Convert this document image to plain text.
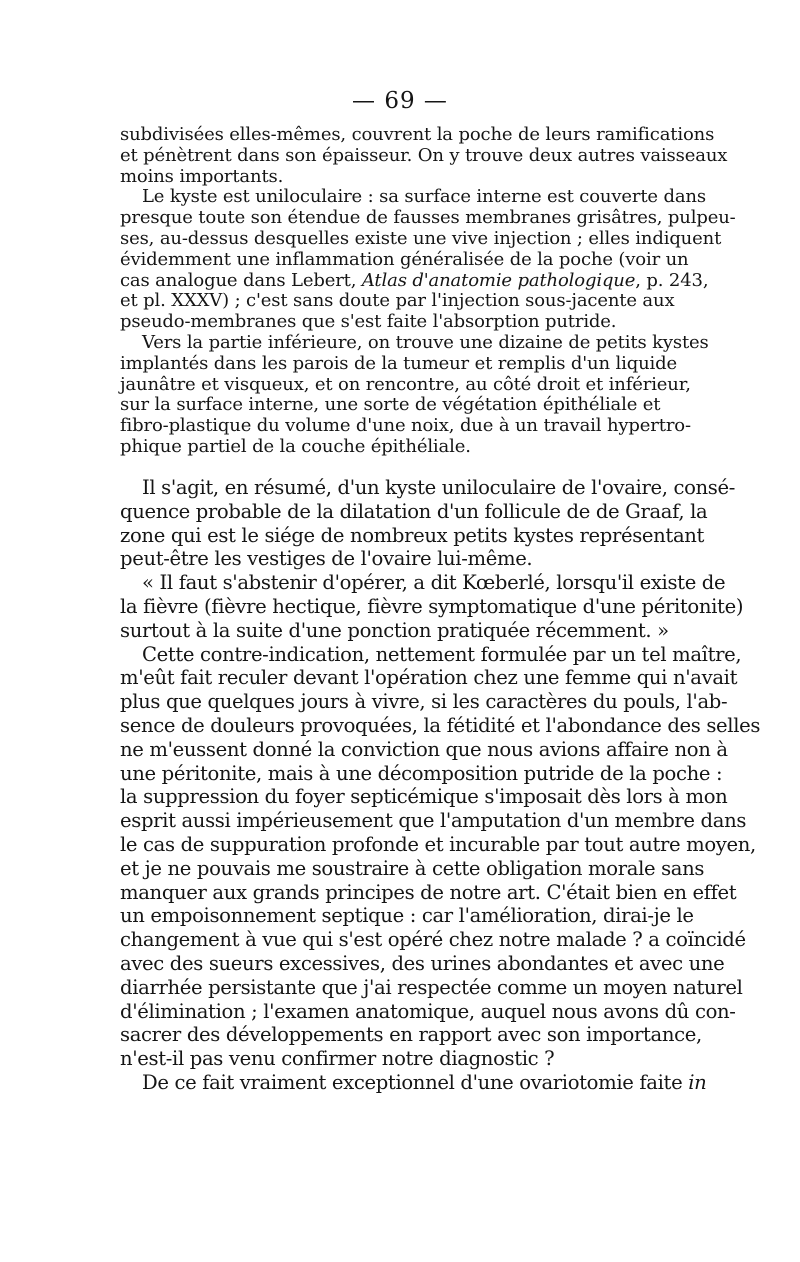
— 69 —
subdivisées elles-mêmes, couvrent la poche de leurs ramifications
et pénètrent dans son épaisseur. On y trouve deux autres vaisseaux
moins importants.
Le kyste est uniloculaire : sa surface interne est couverte dans
presque toute son étendue de fausses membranes grisâtres, pulpeu-
ses, au-dessus desquelles existe une vive injection ; elles indiquent
évidemment une inflammation généralisée de la poche (voir un
cas analogue dans Lebert, Atlas d'anatomie pathologique, p. 243,
et pl. XXXV) ; c'est sans doute par l'injection sous-jacente aux
pseudo-membranes que s'est faite l'absorption putride.
Vers la partie inférieure, on trouve une dizaine de petits kystes
implantés dans les parois de la tumeur et remplis d'un liquide
jaunâtre et visqueux, et on rencontre, au côté droit et inférieur,
sur la surface interne, une sorte de végétation épithéliale et
fibro-plastique du volume d'une noix, due à un travail hypertro-
phique partiel de la couche épithéliale.
Il s'agit, en résumé, d'un kyste uniloculaire de l'ovaire, consé-
quence probable de la dilatation d'un follicule de de Graaf, la
zone qui est le siége de nombreux petits kystes représentant
peut-être les vestiges de l'ovaire lui-même.
« Il faut s'abstenir d'opérer, a dit Kœberlé, lorsqu'il existe de
la fièvre (fièvre hectique, fièvre symptomatique d'une péritonite)
surtout à la suite d'une ponction pratiquée récemment. »
Cette contre-indication, nettement formulée par un tel maître,
m'eût fait reculer devant l'opération chez une femme qui n'avait
plus que quelques jours à vivre, si les caractères du pouls, l'ab-
sence de douleurs provoquées, la fétidité et l'abondance des selles
ne m'eussent donné la conviction que nous avions affaire non à
une péritonite, mais à une décomposition putride de la poche :
la suppression du foyer septicémique s'imposait dès lors à mon
esprit aussi impérieusement que l'amputation d'un membre dans
le cas de suppuration profonde et incurable par tout autre moyen,
et je ne pouvais me soustraire à cette obligation morale sans
manquer aux grands principes de notre art. C'était bien en effet
un empoisonnement septique : car l'amélioration, dirai-je le
changement à vue qui s'est opéré chez notre malade ? a coïncidé
avec des sueurs excessives, des urines abondantes et avec une
diarrhée persistante que j'ai respectée comme un moyen naturel
d'élimination ; l'examen anatomique, auquel nous avons dû con-
sacrer des développements en rapport avec son importance,
n'est-il pas venu confirmer notre diagnostic ?
De ce fait vraiment exceptionnel d'une ovariotomie faite in
